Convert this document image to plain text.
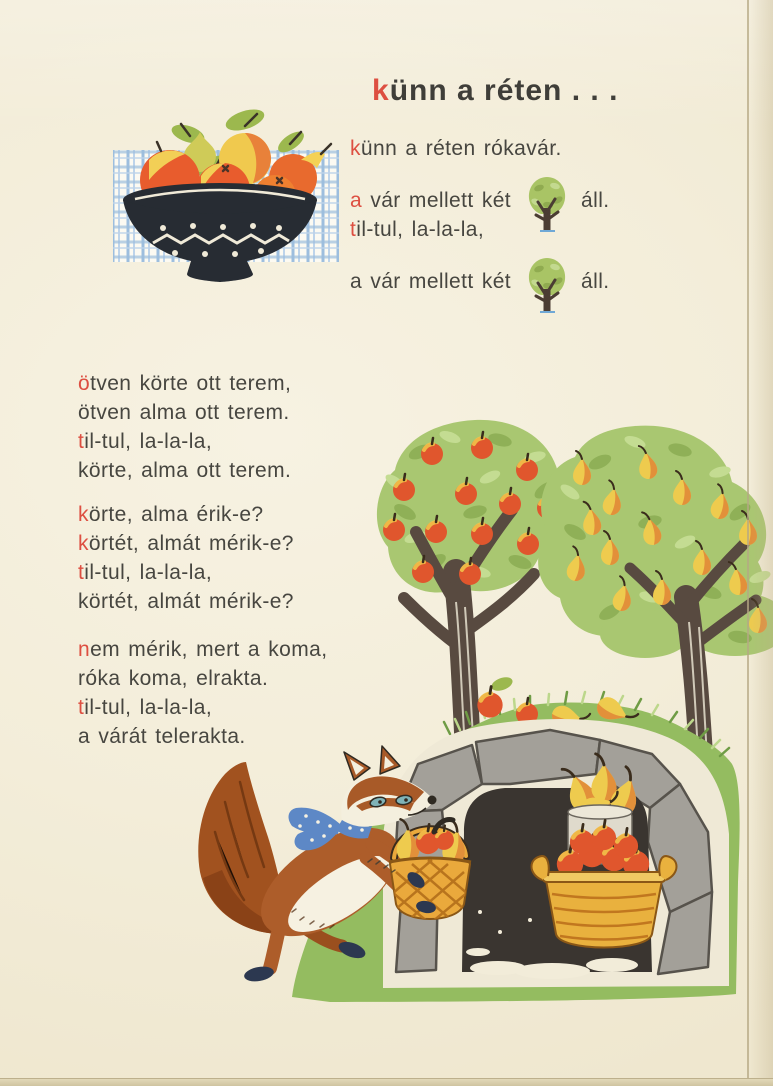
künn a réten . . .
künn a réten rókavár.
a vár mellett két	áll.
til-tul, la-la-la,
a vár mellett két	áll.
ötven körte ott terem,
ötven alma ott terem.
til-tul, la-la-la,
körte, alma ott terem.
körte, alma érik-e?
körtét, almát mérik-e?
til-tul, la-la-la,
körtét, almát mérik-e?
nem mérik, mert a koma,
róka koma, elrakta.
til-tul, la-la-la,
a várát telerakta.
